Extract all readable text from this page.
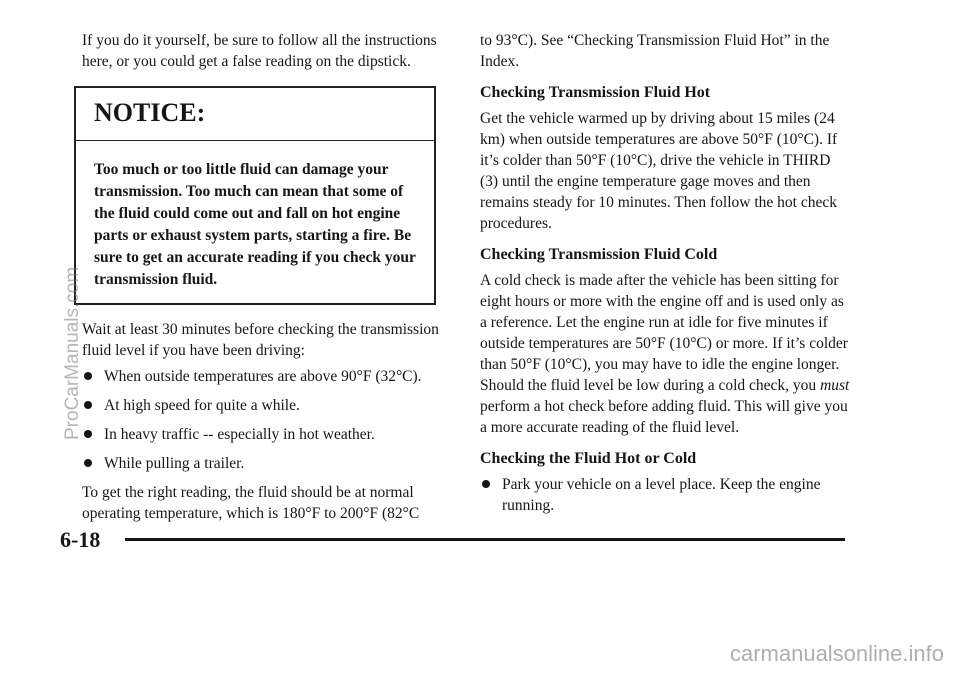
If you do it yourself, be sure to follow all the instructions here, or you could get a false reading on the dipstick.

NOTICE:
Too much or too little fluid can damage your transmission. Too much can mean that some of the fluid could come out and fall on hot engine parts or exhaust system parts, starting a fire. Be sure to get an accurate reading if you check your transmission fluid.

Wait at least 30 minutes before checking the transmission fluid level if you have been driving:

When outside temperatures are above 90°F (32°C).
At high speed for quite a while.
In heavy traffic -- especially in hot weather.
While pulling a trailer.

To get the right reading, the fluid should be at normal operating temperature, which is 180°F to 200°F (82°C

to 93°C). See “Checking Transmission Fluid Hot” in the Index.

Checking Transmission Fluid Hot

Get the vehicle warmed up by driving about 15 miles (24 km) when outside temperatures are above 50°F (10°C). If it’s colder than 50°F (10°C), drive the vehicle in THIRD (3) until the engine temperature gage moves and then remains steady for 10 minutes. Then follow the hot check procedures.

Checking Transmission Fluid Cold

A cold check is made after the vehicle has been sitting for eight hours or more with the engine off and is used only as a reference. Let the engine run at idle for five minutes if outside temperatures are 50°F (10°C) or more. If it’s colder than 50°F (10°C), you may have to idle the engine longer. Should the fluid level be low during a cold check, you must perform a hot check before adding fluid. This will give you a more accurate reading of the fluid level.

Checking the Fluid Hot or Cold
Park your vehicle on a level place. Keep the engine running.
6-18
ProCarManuals.com
carmanualsonline.info
